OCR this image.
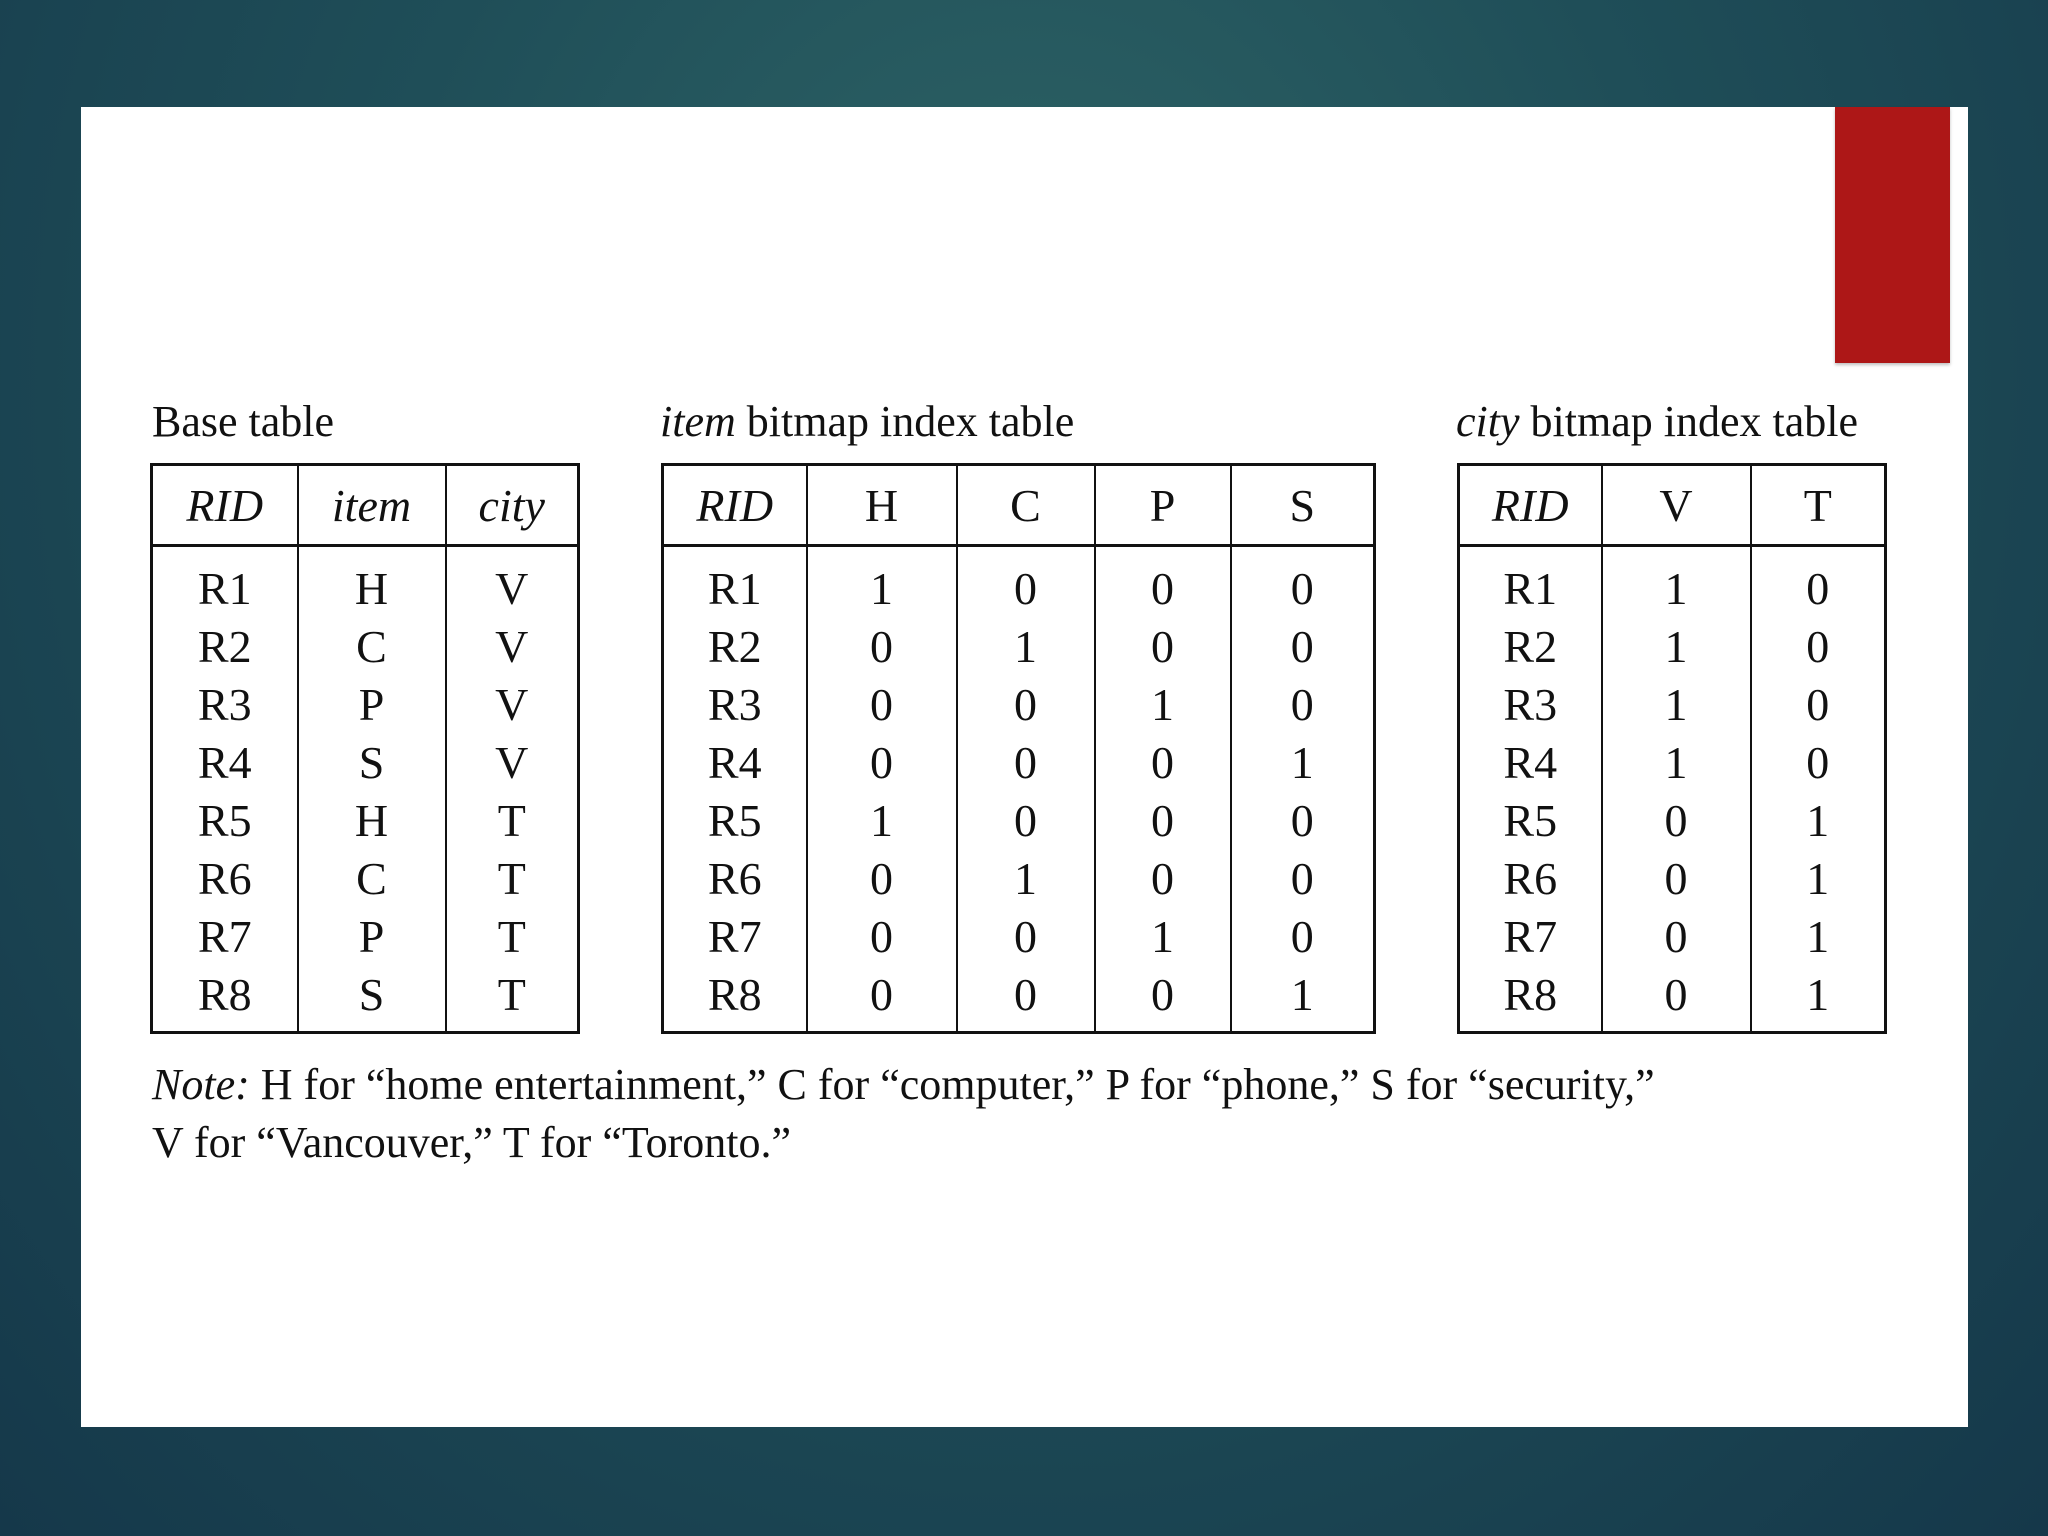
Base table	item bitmap index table	city bitmap index table
RID	item	city
R1	H	V
R2	C	V
R3	P	V
R4	S	V
R5	H	T
R6	C	T
R7	P	T
R8	S	T
RID	H	C	P	S
R1	1	0	0	0
R2	0	1	0	0
R3	0	0	1	0
R4	0	0	0	1
R5	1	0	0	0
R6	0	1	0	0
R7	0	0	1	0
R8	0	0	0	1
RID	V	T
R1	1	0
R2	1	0
R3	1	0
R4	1	0
R5	0	1
R6	0	1
R7	0	1
R8	0	1
Note: H for “home entertainment,” C for “computer,” P for “phone,” S for “security,”
V for “Vancouver,” T for “Toronto.”
